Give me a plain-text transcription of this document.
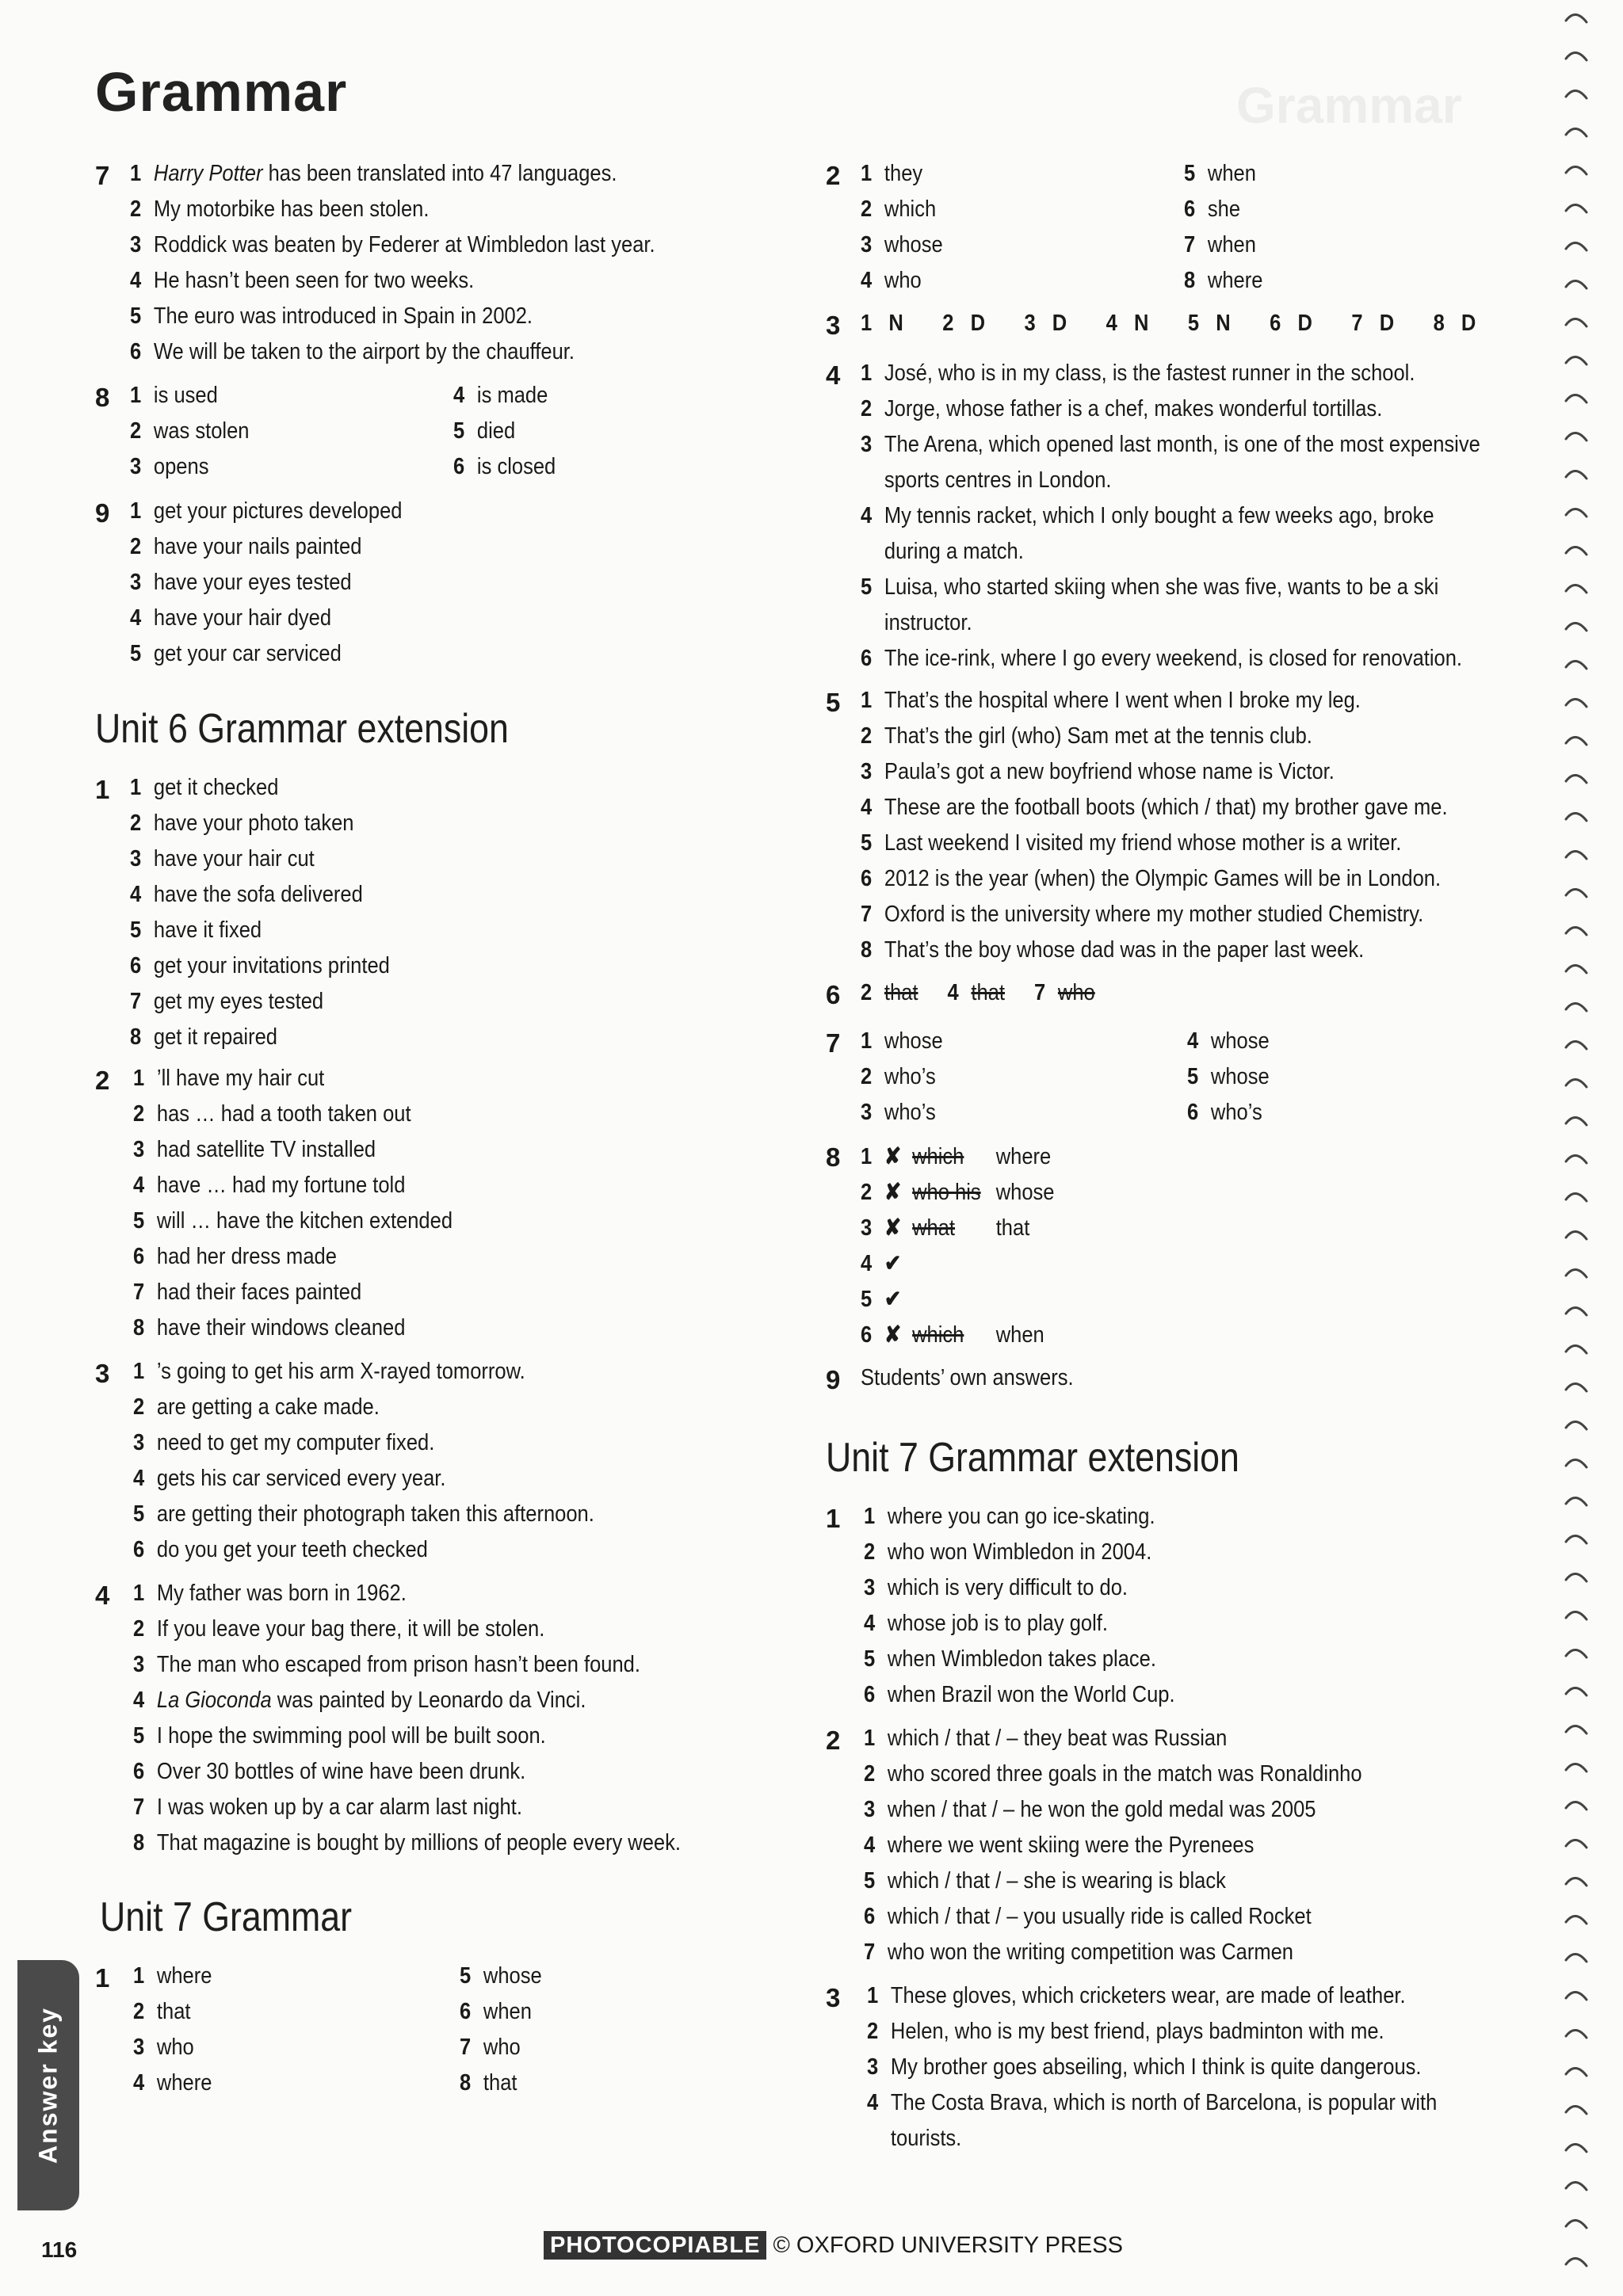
Grammar
Grammar
7 1 Harry Potter has been translated into 47 languages.
2 My motorbike has been stolen.
3 Roddick was beaten by Federer at Wimbledon last year.
4 He hasn’t been seen for two weeks.
5 The euro was introduced in Spain in 2002.
6 We will be taken to the airport by the chauffeur.
8 1 is used
2 was stolen
3 opens
4 is made
5 died
6 is closed
9 1 get your pictures developed
2 have your nails painted
3 have your eyes tested
4 have your hair dyed
5 get your car serviced
Unit 6 Grammar extension
1 1 get it checked
2 have your photo taken
3 have your hair cut
4 have the sofa delivered
5 have it fixed
6 get your invitations printed
7 get my eyes tested
8 get it repaired
2 1 ’ll have my hair cut
2 has … had a tooth taken out
3 had satellite TV installed
4 have … had my fortune told
5 will … have the kitchen extended
6 had her dress made
7 had their faces painted
8 have their windows cleaned
3 1 ’s going to get his arm X-rayed tomorrow.
2 are getting a cake made.
3 need to get my computer fixed.
4 gets his car serviced every year.
5 are getting their photograph taken this afternoon.
6 do you get your teeth checked
4 1 My father was born in 1962.
2 If you leave your bag there, it will be stolen.
3 The man who escaped from prison hasn’t been found.
4 La Gioconda was painted by Leonardo da Vinci.
5 I hope the swimming pool will be built soon.
6 Over 30 bottles of wine have been drunk.
7 I was woken up by a car alarm last night.
8 That magazine is bought by millions of people every week.
Unit 7 Grammar
1 1 where
2 that
3 who
4 where
5 whose
6 when
7 who
8 that
2 1 they
2 which
3 whose
4 who
5 when
6 she
7 when
8 where
3 1 N   2 D   3 D   4 N   5 N   6 D   7 D   8 D
4 1 José, who is in my class, is the fastest runner in the school.
2 Jorge, whose father is a chef, makes wonderful tortillas.
3 The Arena, which opened last month, is one of the most expensive
sports centres in London.
4 My tennis racket, which I only bought a few weeks ago, broke
during a match.
5 Luisa, who started skiing when she was five, wants to be a ski
instructor.
6 The ice-rink, where I go every weekend, is closed for renovation.
5 1 That’s the hospital where I went when I broke my leg.
2 That’s the girl (who) Sam met at the tennis club.
3 Paula’s got a new boyfriend whose name is Victor.
4 These are the football boots (which / that) my brother gave me.
5 Last weekend I visited my friend whose mother is a writer.
6 2012 is the year (when) the Olympic Games will be in London.
7 Oxford is the university where my mother studied Chemistry.
8 That’s the boy whose dad was in the paper last week.
6 2 that 4 that 7 who
7 1 whose
2 who’s
3 who’s
4 whose
5 whose
6 who’s
8 1 ✘ which where
2 ✘ who his whose
3 ✘ what that
4 ✔
5 ✔
6 ✘ which when
9 Students’ own answers.
Unit 7 Grammar extension
1 1 where you can go ice-skating.
2 who won Wimbledon in 2004.
3 which is very difficult to do.
4 whose job is to play golf.
5 when Wimbledon takes place.
6 when Brazil won the World Cup.
2 1 which / that / – they beat was Russian
2 who scored three goals in the match was Ronaldinho
3 when / that / – he won the gold medal was 2005
4 where we went skiing were the Pyrenees
5 which / that / – she is wearing is black
6 which / that / – you usually ride is called Rocket
7 who won the writing competition was Carmen
3 1 These gloves, which cricketers wear, are made of leather.
2 Helen, who is my best friend, plays badminton with me.
3 My brother goes abseiling, which I think is quite dangerous.
4 The Costa Brava, which is north of Barcelona, is popular with
tourists.
Answer key
116	PHOTOCOPIABLE © OXFORD UNIVERSITY PRESS
